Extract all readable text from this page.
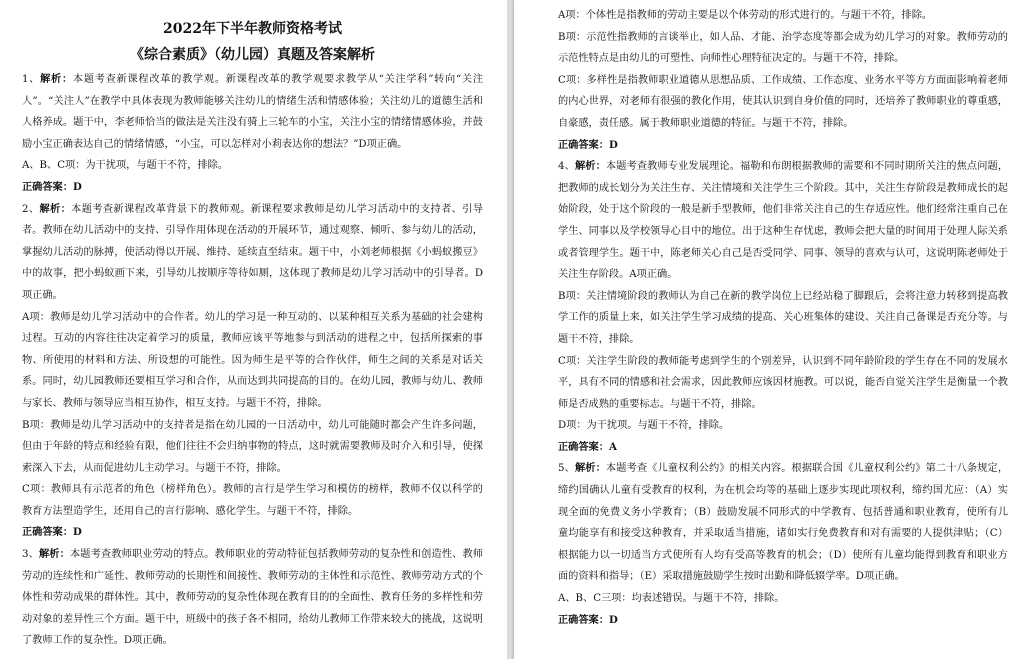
2022年下半年教师资格考试
《综合素质》（幼儿园）真题及答案解析

1、解析：本题考查新课程改革的教学观。新课程改革的教学观要求教学从“关注学科”转向“关注人”。“关注人”在教学中具体表现为教师能够关注幼儿的情绪生活和情感体验；关注幼儿的道德生活和人格养成。题干中，李老师恰当的做法是关注没有骑上三轮车的小宝，关注小宝的情绪情感体验，并鼓励小宝正确表达自己的情绪情感，“小宝，可以怎样对小莉表达你的想法？”D项正确。

A、B、C项：为干扰项，与题干不符，排除。

正确答案：D

2、解析：本题考查新课程改革背景下的教师观。新课程要求教师是幼儿学习活动中的支持者、引导者。教师在幼儿活动中的支持、引导作用体现在活动的开展环节，通过观察、倾听、参与幼儿的活动，掌握幼儿活动的脉搏，使活动得以开展、维持、延续直至结束。题干中，小刘老师根据《小蚂蚁搬豆》中的故事，把小蚂蚁画下来，引导幼儿按顺序等待如厕，这体现了教师是幼儿学习活动中的引导者。D项正确。

A项：教师是幼儿学习活动中的合作者。幼儿的学习是一种互动的、以某种相互关系为基础的社会建构过程。互动的内容往往决定着学习的质量，教师应该平等地参与到活动的进程之中，包括所探索的事物、所使用的材料和方法、所设想的可能性。因为师生是平等的合作伙伴，师生之间的关系是对话关系。同时，幼儿园教师还要相互学习和合作，从而达到共同提高的目的。在幼儿园，教师与幼儿、教师与家长、教师与领导应当相互协作，相互支持。与题干不符，排除。

B项：教师是幼儿学习活动中的支持者是指在幼儿园的一日活动中，幼儿可能随时都会产生许多问题，但由于年龄的特点和经验有限，他们往往不会归纳事物的特点，这时就需要教师及时介入和引导，使探索深入下去，从而促进幼儿主动学习。与题干不符，排除。

C项：教师具有示范者的角色（榜样角色）。教师的言行是学生学习和模仿的榜样，教师不仅以科学的教育方法塑造学生，还用自己的言行影响、感化学生。与题干不符，排除。

正确答案：D

3、解析：本题考查教师职业劳动的特点。教师职业的劳动特征包括教师劳动的复杂性和创造性、教师劳动的连续性和广延性、教师劳动的长期性和间接性、教师劳动的主体性和示范性、教师劳动方式的个体性和劳动成果的群体性。其中，教师劳动的复杂性体现在教育目的的全面性、教育任务的多样性和劳动对象的差异性三个方面。题干中，班级中的孩子各不相同，给幼儿教师工作带来较大的挑战，这说明了教师工作的复杂性。D项正确。

A项：个体性是指教师的劳动主要是以个体劳动的形式进行的。与题干不符，排除。

B项：示范性指教师的言谈举止，如人品、才能、治学态度等都会成为幼儿学习的对象。教师劳动的示范性特点是由幼儿的可塑性、向师性心理特征决定的。与题干不符，排除。

C项：多样性是指教师职业道德从思想品质、工作成绩、工作态度、业务水平等方方面面影响着老师的内心世界，对老师有很强的教化作用，使其认识到自身价值的同时，还培养了教师职业的尊重感，自豪感，责任感。属于教师职业道德的特征。与题干不符，排除。

正确答案：D

4、解析：本题考查教师专业发展理论。福勒和布朗根据教师的需要和不同时期所关注的焦点问题，把教师的成长划分为关注生存、关注情境和关注学生三个阶段。其中，关注生存阶段是教师成长的起始阶段，处于这个阶段的一般是新手型教师，他们非常关注自己的生存适应性。他们经常注重自己在学生、同事以及学校领导心目中的地位。出于这种生存忧虑，教师会把大量的时间用于处理人际关系或者管理学生。题干中，陈老师关心自己是否受同学、同事、领导的喜欢与认可，这说明陈老师处于关注生存阶段。A项正确。

B项：关注情境阶段的教师认为自己在新的教学岗位上已经站稳了脚跟后，会将注意力转移到提高教学工作的质量上来，如关注学生学习成绩的提高、关心班集体的建设、关注自己备课是否充分等。与题干不符，排除。

C项：关注学生阶段的教师能考虑到学生的个别差异，认识到不同年龄阶段的学生存在不同的发展水平，具有不同的情感和社会需求，因此教师应该因材施教。可以说，能否自觉关注学生是衡量一个教师是否成熟的重要标志。与题干不符，排除。

D项：为干扰项。与题干不符，排除。

正确答案：A

5、解析：本题考查《儿童权利公约》的相关内容。根据联合国《儿童权利公约》第二十八条规定，缔约国确认儿童有受教育的权利，为在机会均等的基础上逐步实现此项权利，缔约国尤应：（A）实现全面的免费义务小学教育；（B）鼓励发展不同形式的中学教育、包括普通和职业教育，使所有儿童均能享有和接受这种教育，并采取适当措施，诸如实行免费教育和对有需要的人提供津贴；（C）根据能力以一切适当方式使所有人均有受高等教育的机会；（D）使所有儿童均能得到教育和职业方面的资料和指导；（E）采取措施鼓励学生按时出勤和降低辍学率。D项正确。

A、B、C三项：均表述错误。与题干不符，排除。

正确答案：D
